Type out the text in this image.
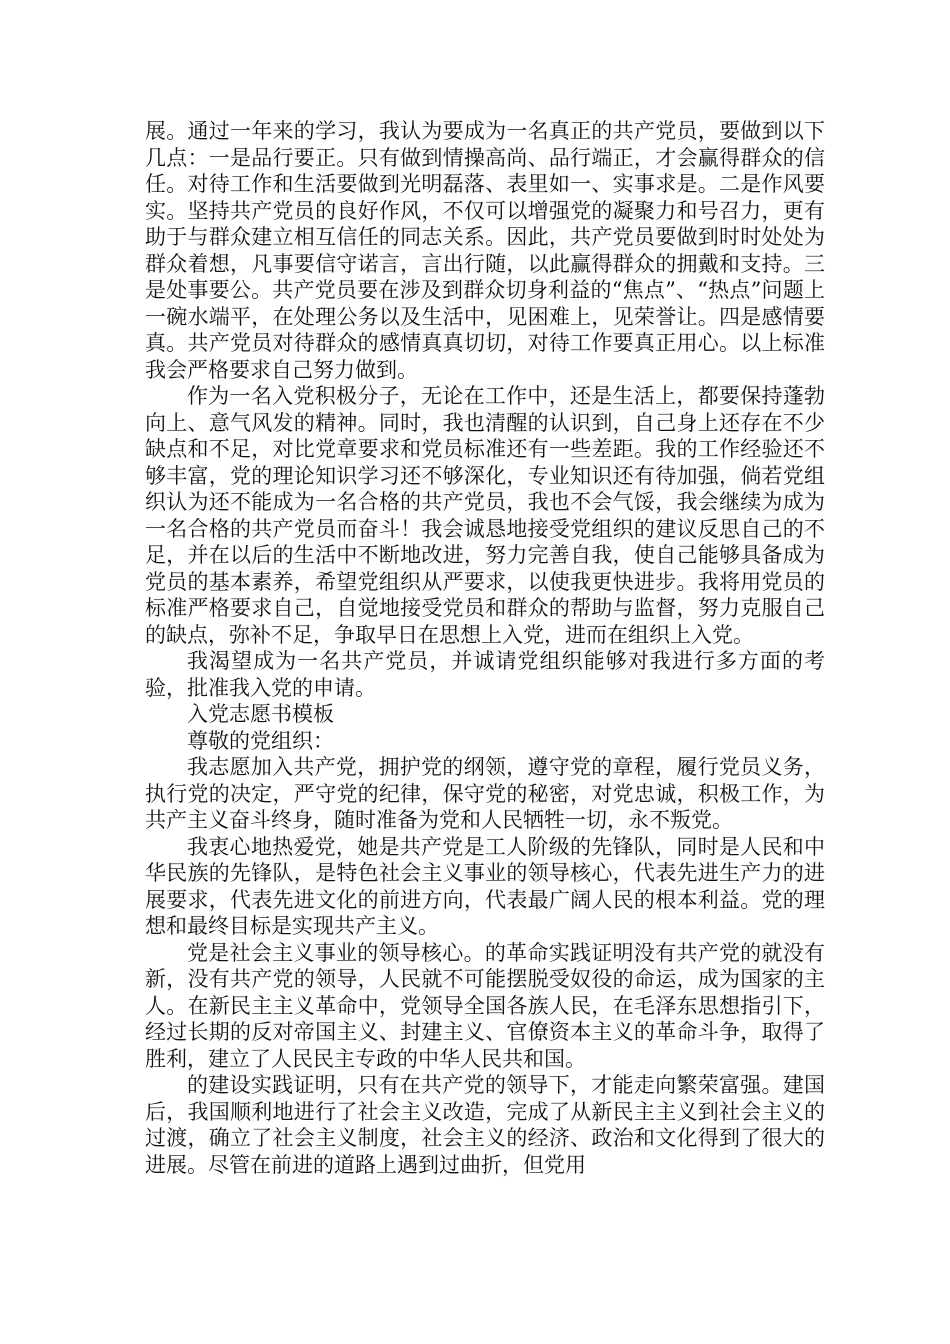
展。通过一年来的学习，我认为要成为一名真正的共产党员，要做到以下几点：一是品行要正。只有做到情操高尚、品行端正，才会赢得群众的信任。对待工作和生活要做到光明磊落、表里如一、实事求是。二是作风要实。坚持共产党员的良好作风，不仅可以增强党的凝聚力和号召力，更有助于与群众建立相互信任的同志关系。因此，共产党员要做到时时处处为群众着想，凡事要信守诺言，言出行随，以此赢得群众的拥戴和支持。三是处事要公。共产党员要在涉及到群众切身利益的“焦点”、“热点”问题上一碗水端平，在处理公务以及生活中，见困难上，见荣誉让。四是感情要真。共产党员对待群众的感情真真切切，对待工作要真正用心。以上标准我会严格要求自己努力做到。

作为一名入党积极分子，无论在工作中，还是生活上，都要保持蓬勃向上、意气风发的精神。同时，我也清醒的认识到，自己身上还存在不少缺点和不足，对比党章要求和党员标准还有一些差距。我的工作经验还不够丰富，党的理论知识学习还不够深化，专业知识还有待加强，倘若党组织认为还不能成为一名合格的共产党员，我也不会气馁，我会继续为成为一名合格的共产党员而奋斗！我会诚恳地接受党组织的建议反思自己的不足，并在以后的生活中不断地改进，努力完善自我，使自己能够具备成为党员的基本素养，希望党组织从严要求，以使我更快进步。我将用党员的标准严格要求自己，自觉地接受党员和群众的帮助与监督，努力克服自己的缺点，弥补不足，争取早日在思想上入党，进而在组织上入党。

我渴望成为一名共产党员，并诚请党组织能够对我进行多方面的考验，批准我入党的申请。

入党志愿书模板

尊敬的党组织：

我志愿加入共产党，拥护党的纲领，遵守党的章程，履行党员义务，执行党的决定，严守党的纪律，保守党的秘密，对党忠诚，积极工作，为共产主义奋斗终身，随时准备为党和人民牺牲一切，永不叛党。

我衷心地热爱党，她是共产党是工人阶级的先锋队，同时是人民和中华民族的先锋队，是特色社会主义事业的领导核心，代表先进生产力的进展要求，代表先进文化的前进方向，代表最广阔人民的根本利益。党的理想和最终目标是实现共产主义。

党是社会主义事业的领导核心。的革命实践证明没有共产党的就没有新，没有共产党的领导，人民就不可能摆脱受奴役的命运，成为国家的主人。在新民主主义革命中，党领导全国各族人民，在毛泽东思想指引下，经过长期的反对帝国主义、封建主义、官僚资本主义的革命斗争，取得了胜利，建立了人民民主专政的中华人民共和国。

的建设实践证明，只有在共产党的领导下，才能走向繁荣富强。建国后，我国顺利地进行了社会主义改造，完成了从新民主主义到社会主义的过渡，确立了社会主义制度，社会主义的经济、政治和文化得到了很大的进展。尽管在前进的道路上遇到过曲折，但党用
